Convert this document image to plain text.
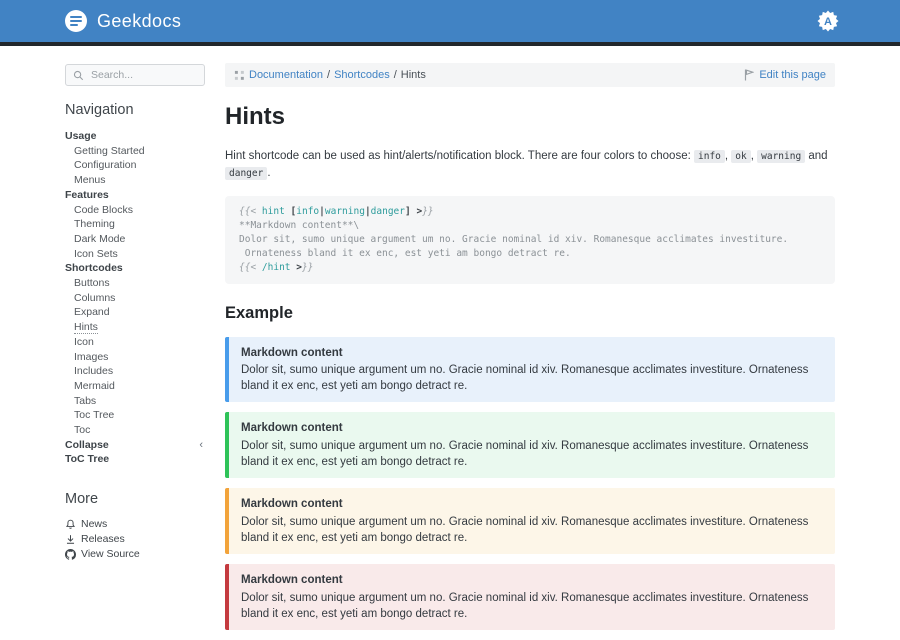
Geekdocs	A
Search...
Navigation
Usage
Getting Started
Configuration
Menus
Features
Code Blocks
Theming
Dark Mode
Icon Sets
Shortcodes
Buttons
Columns
Expand
Hints
Icon
Images
Includes
Mermaid
Tabs
Toc Tree
Toc
Collapse	‹
ToC Tree
More
News
Releases
View Source
Documentation / Shortcodes / Hints	Edit this page
Hints

Hint shortcode can be used as hint/alerts/notification block. There are four colors to choose: info , ok , warning and danger .

{{< hint [info|warning|danger] >}}
**Markdown content**\
Dolor sit, sumo unique argument um no. Gracie nominal id xiv. Romanesque acclimates investiture.
Ornateness bland it ex enc, est yeti am bongo detract re.
{{< /hint >}}
Example
Markdown content
Dolor sit, sumo unique argument um no. Gracie nominal id xiv. Romanesque acclimates investiture. Ornateness bland it ex enc, est yeti am bongo detract re.
Markdown content
Dolor sit, sumo unique argument um no. Gracie nominal id xiv. Romanesque acclimates investiture. Ornateness bland it ex enc, est yeti am bongo detract re.
Markdown content
Dolor sit, sumo unique argument um no. Gracie nominal id xiv. Romanesque acclimates investiture. Ornateness bland it ex enc, est yeti am bongo detract re.
Markdown content
Dolor sit, sumo unique argument um no. Gracie nominal id xiv. Romanesque acclimates investiture. Ornateness bland it ex enc, est yeti am bongo detract re.
